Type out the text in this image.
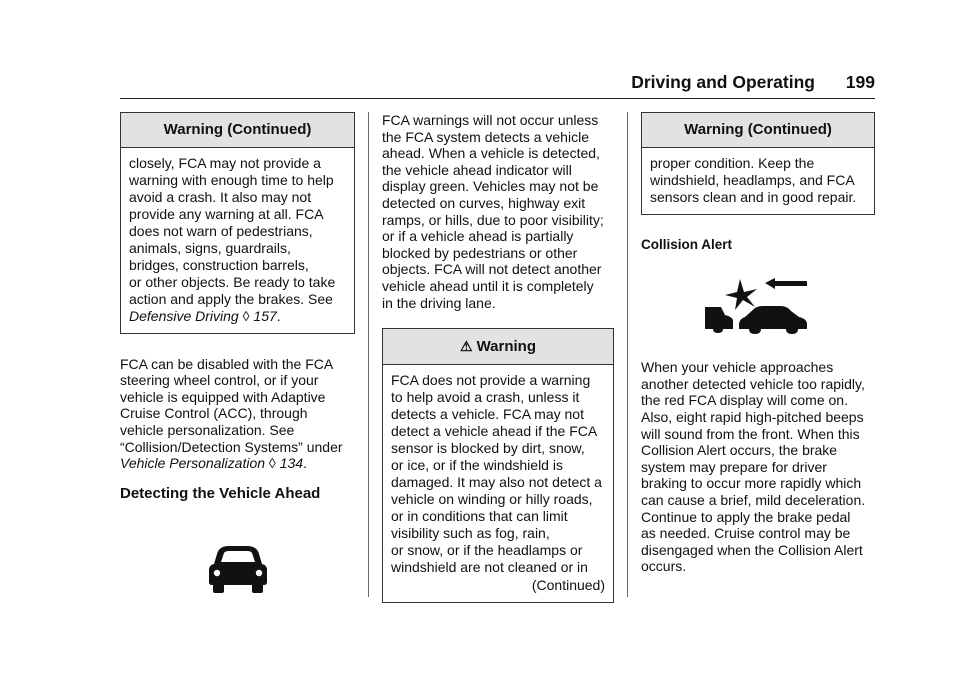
Driving and Operating 199
Warning (Continued)
closely, FCA may not provide a
warning with enough time to help
avoid a crash. It also may not
provide any warning at all. FCA
does not warn of pedestrians,
animals, signs, guardrails,
bridges, construction barrels,
or other objects. Be ready to take
action and apply the brakes. See
Defensive Driving ◊ 157.
FCA can be disabled with the FCA
steering wheel control, or if your
vehicle is equipped with Adaptive
Cruise Control (ACC), through
vehicle personalization. See
“Collision/Detection Systems” under
Vehicle Personalization ◊ 134.
Detecting the Vehicle Ahead
FCA warnings will not occur unless
the FCA system detects a vehicle
ahead. When a vehicle is detected,
the vehicle ahead indicator will
display green. Vehicles may not be
detected on curves, highway exit
ramps, or hills, due to poor visibility;
or if a vehicle ahead is partially
blocked by pedestrians or other
objects. FCA will not detect another
vehicle ahead until it is completely
in the driving lane.
⚠ Warning
FCA does not provide a warning
to help avoid a crash, unless it
detects a vehicle. FCA may not
detect a vehicle ahead if the FCA
sensor is blocked by dirt, snow,
or ice, or if the windshield is
damaged. It may also not detect a
vehicle on winding or hilly roads,
or in conditions that can limit
visibility such as fog, rain,
or snow, or if the headlamps or
windshield are not cleaned or in
(Continued)
Warning (Continued)
proper condition. Keep the
windshield, headlamps, and FCA
sensors clean and in good repair.
Collision Alert
When your vehicle approaches
another detected vehicle too rapidly,
the red FCA display will come on.
Also, eight rapid high-pitched beeps
will sound from the front. When this
Collision Alert occurs, the brake
system may prepare for driver
braking to occur more rapidly which
can cause a brief, mild deceleration.
Continue to apply the brake pedal
as needed. Cruise control may be
disengaged when the Collision Alert
occurs.
